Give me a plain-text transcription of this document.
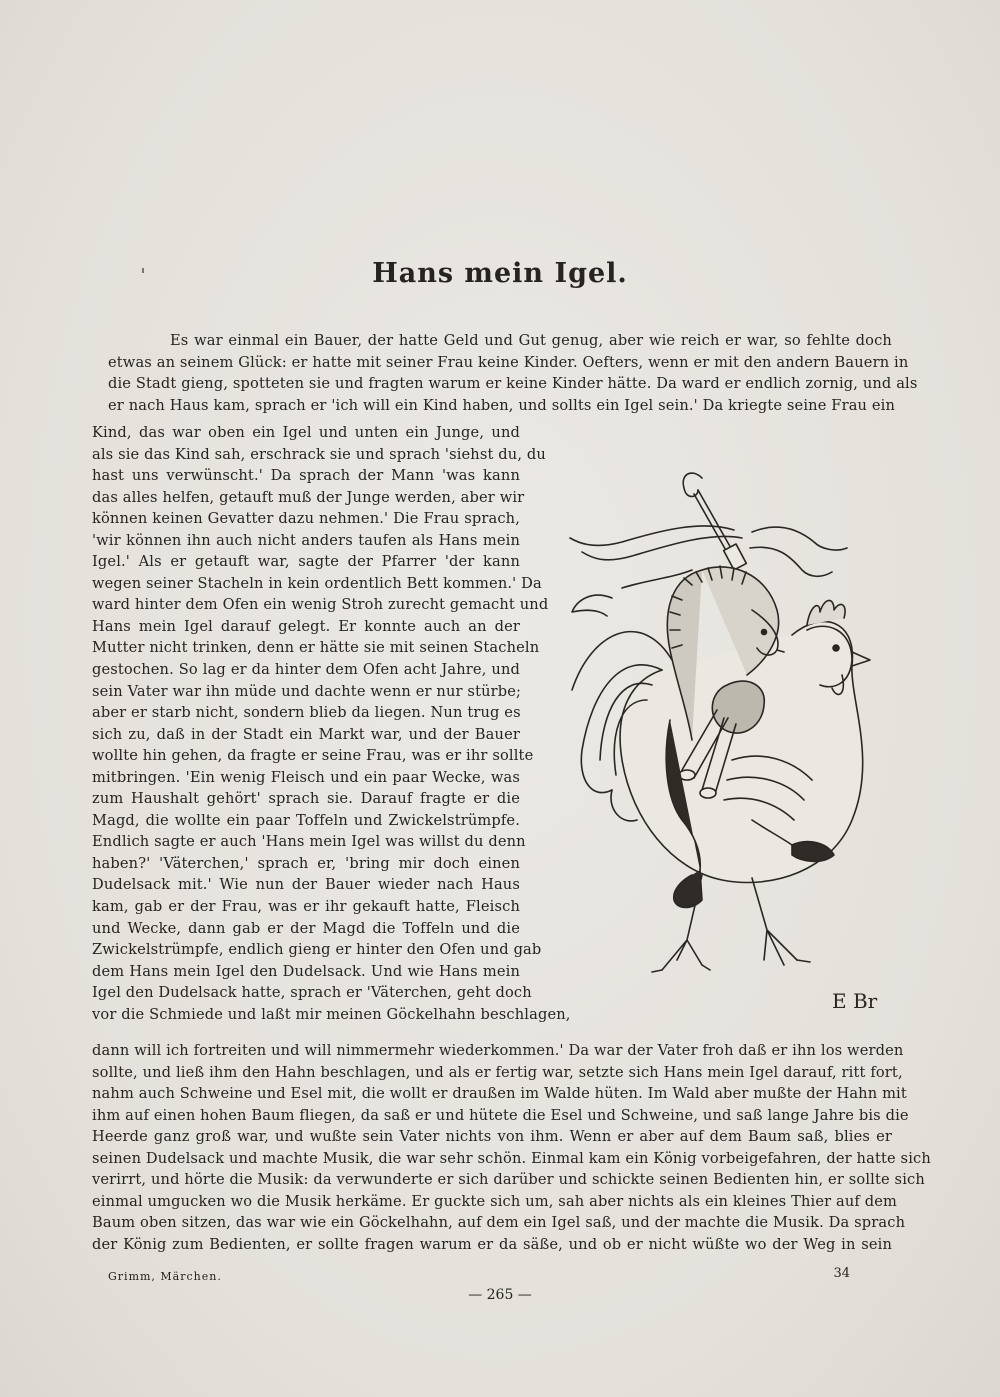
Hans mein Igel.
Es war einmal ein Bauer, der hatte Geld und Gut genug, aber wie reich er war, so fehlte doch
etwas an seinem Glück: er hatte mit seiner Frau keine Kinder. Oefters, wenn er mit den andern Bauern in
die Stadt gieng, spotteten sie und fragten warum er keine Kinder hätte. Da ward er endlich zornig, und als
er nach Haus kam, sprach er 'ich will ein Kind haben, und sollts ein Igel sein.' Da kriegte seine Frau ein
Kind, das war oben ein Igel und unten ein Junge, und
als sie das Kind sah, erschrack sie und sprach 'siehst du, du
hast uns verwünscht.' Da sprach der Mann 'was kann
das alles helfen, getauft muß der Junge werden, aber wir
können keinen Gevatter dazu nehmen.' Die Frau sprach,
'wir können ihn auch nicht anders taufen als Hans mein
Igel.' Als er getauft war, sagte der Pfarrer 'der kann
wegen seiner Stacheln in kein ordentlich Bett kommen.' Da
ward hinter dem Ofen ein wenig Stroh zurecht gemacht und
Hans mein Igel darauf gelegt. Er konnte auch an der
Mutter nicht trinken, denn er hätte sie mit seinen Stacheln
gestochen. So lag er da hinter dem Ofen acht Jahre, und
sein Vater war ihn müde und dachte wenn er nur stürbe;
aber er starb nicht, sondern blieb da liegen. Nun trug es
sich zu, daß in der Stadt ein Markt war, und der Bauer
wollte hin gehen, da fragte er seine Frau, was er ihr sollte
mitbringen. 'Ein wenig Fleisch und ein paar Wecke, was
zum Haushalt gehört' sprach sie. Darauf fragte er die
Magd, die wollte ein paar Toffeln und Zwickelstrümpfe.
Endlich sagte er auch 'Hans mein Igel was willst du denn
haben?' 'Väterchen,' sprach er, 'bring mir doch einen
Dudelsack mit.' Wie nun der Bauer wieder nach Haus
kam, gab er der Frau, was er ihr gekauft hatte, Fleisch
und Wecke, dann gab er der Magd die Toffeln und die
Zwickelstrümpfe, endlich gieng er hinter den Ofen und gab
dem Hans mein Igel den Dudelsack. Und wie Hans mein
Igel den Dudelsack hatte, sprach er 'Väterchen, geht doch
vor die Schmiede und laßt mir meinen Göckelhahn beschlagen,
E Br
dann will ich fortreiten und will nimmermehr wiederkommen.' Da war der Vater froh daß er ihn los werden
sollte, und ließ ihm den Hahn beschlagen, und als er fertig war, setzte sich Hans mein Igel darauf, ritt fort,
nahm auch Schweine und Esel mit, die wollt er draußen im Walde hüten. Im Wald aber mußte der Hahn mit
ihm auf einen hohen Baum fliegen, da saß er und hütete die Esel und Schweine, und saß lange Jahre bis die
Heerde ganz groß war, und wußte sein Vater nichts von ihm. Wenn er aber auf dem Baum saß, blies er
seinen Dudelsack und machte Musik, die war sehr schön. Einmal kam ein König vorbeigefahren, der hatte sich
verirrt, und hörte die Musik: da verwunderte er sich darüber und schickte seinen Bedienten hin, er sollte sich
einmal umgucken wo die Musik herkäme. Er guckte sich um, sah aber nichts als ein kleines Thier auf dem
Baum oben sitzen, das war wie ein Göckelhahn, auf dem ein Igel saß, und der machte die Musik. Da sprach
der König zum Bedienten, er sollte fragen warum er da säße, und ob er nicht wüßte wo der Weg in sein
Grimm, Märchen.	34
— 265 —
